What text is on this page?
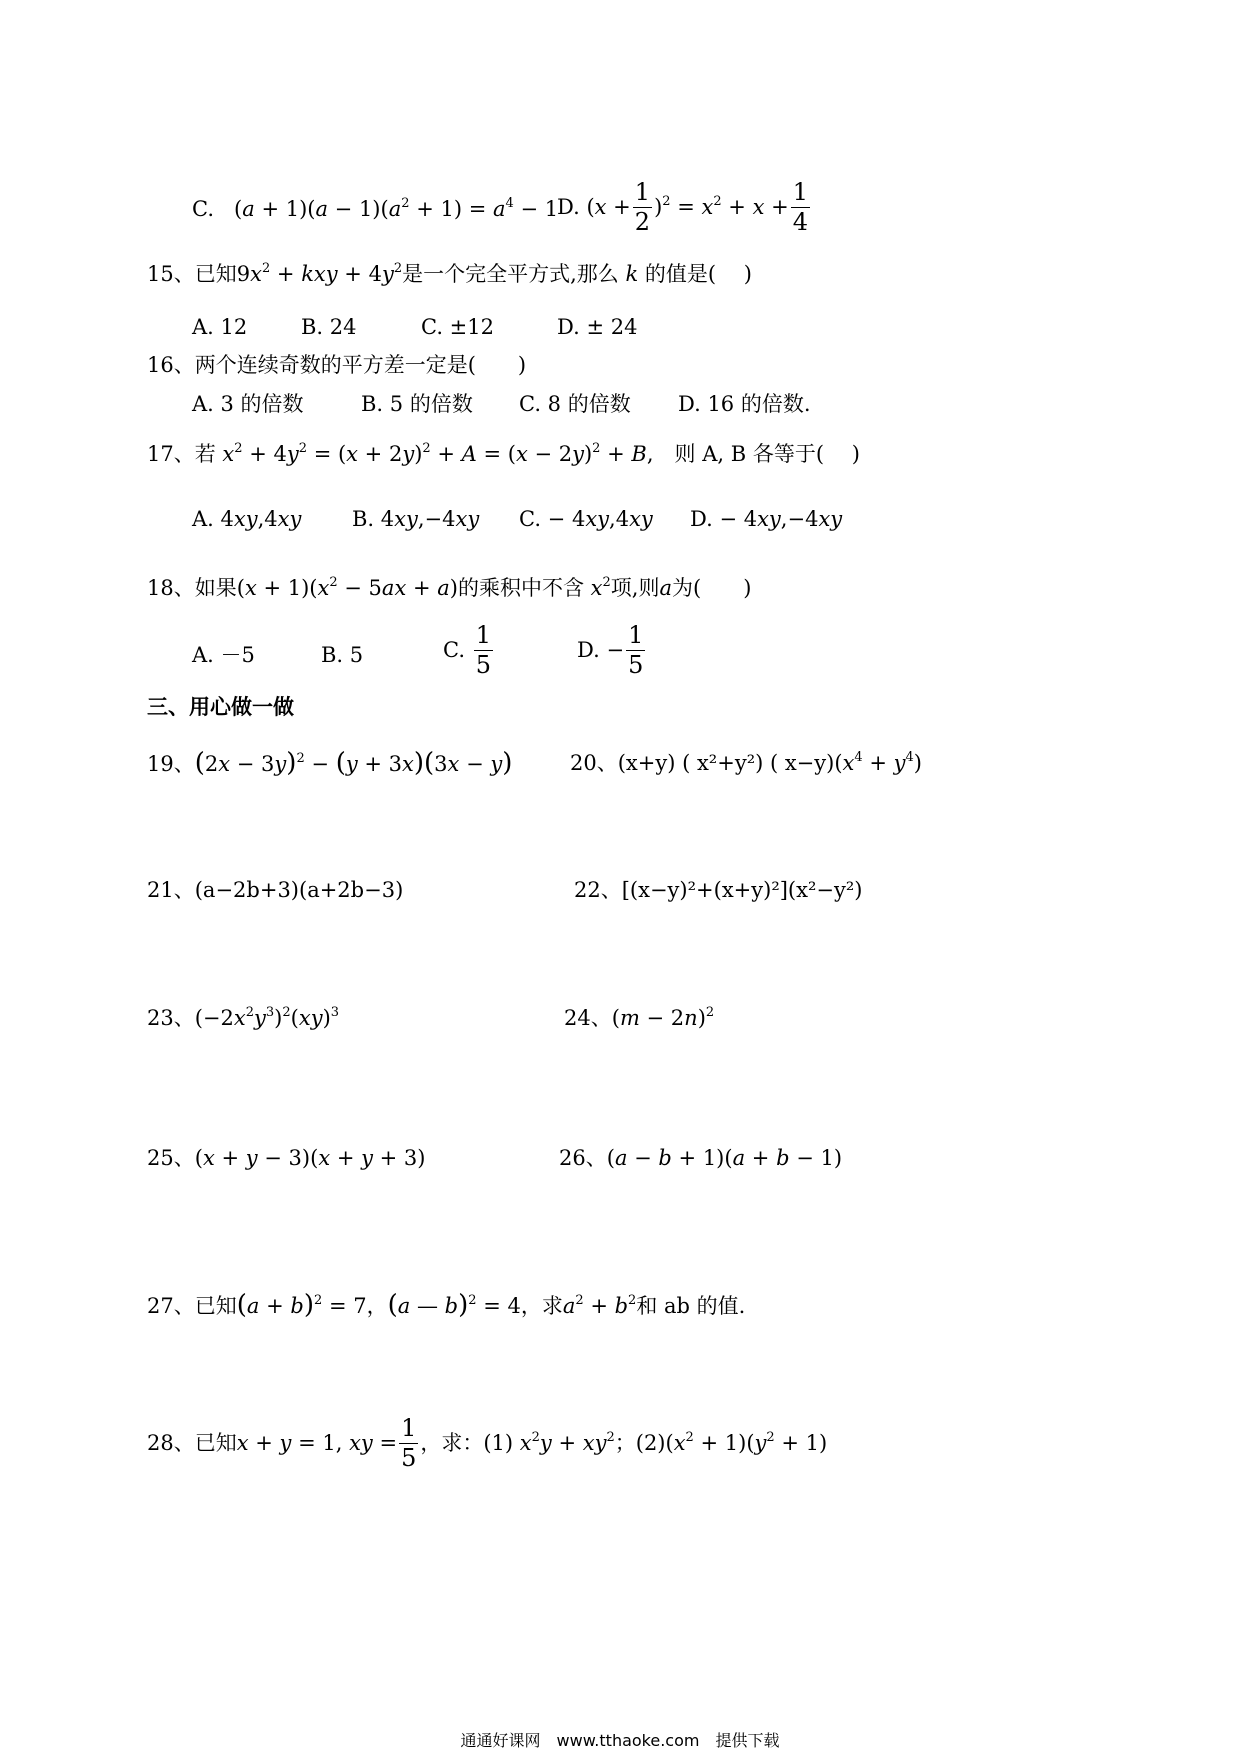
C. $(a + 1)(a - 1)(a^2 + 1) = a^4 - 1$
D. $(x + \frac{1}{2} )^2 = x^2 + x + \frac{1}{4}$
15、已知$9x^2$ + kxy + $4y^2$是一个完全平方式,那么 k 的值是(　 )
A. 12	B. 24	C. ±12	D. ± 24
16、两个连续奇数的平方差一定是(　　)
A. 3 的倍数	B. 5 的倍数 C. 8 的倍数 D. 16 的倍数.
17、若 $x^2 + 4y^2 = (x + 2y)^2 + A = (x - 2y)^2 + B$,　则 A, B 各等于(　 )
A. 4xy,4xy B. 4xy,−4xy C. − 4xy,4xy D. − 4xy,−4xy
18、如果$(x + 1)(x^2 - 5ax + a)$的乘积中不含 $x^2$项,则a为(　　)
A. －5	B. 5	C. $\frac{1}{5}$	D. − $\frac{1}{5}$
三、用心做一做
19、$(2x - 3y)^2 - (y + 3x)(3x - y)$	20、(x+y) ( x²+y²) ( $x-y)(x^4 + y^4)$
21、(a−2b+3)(a+2b−3)	22、[(x−y)²+(x+y)²](x²−y²)
23、$(-2x^2y^3)^2(xy)^3$	24、$(m - 2n)^2$
25、(x + y − 3)(x + y + 3)	26、(a − b + 1)(a + b − 1)
27、已知$(a + b)^2 = 7$，(a — b)$^2$ = 4，求$a^2 + b^2$和 ab 的值.
28、已知x + y = 1, xy = $\frac{1}{5}$ ，求：(1) $x^2y + xy^2$；$(2)(x^2 + 1)(y^2 + 1)$
通通好课网　www.tthaoke.com　提供下载
